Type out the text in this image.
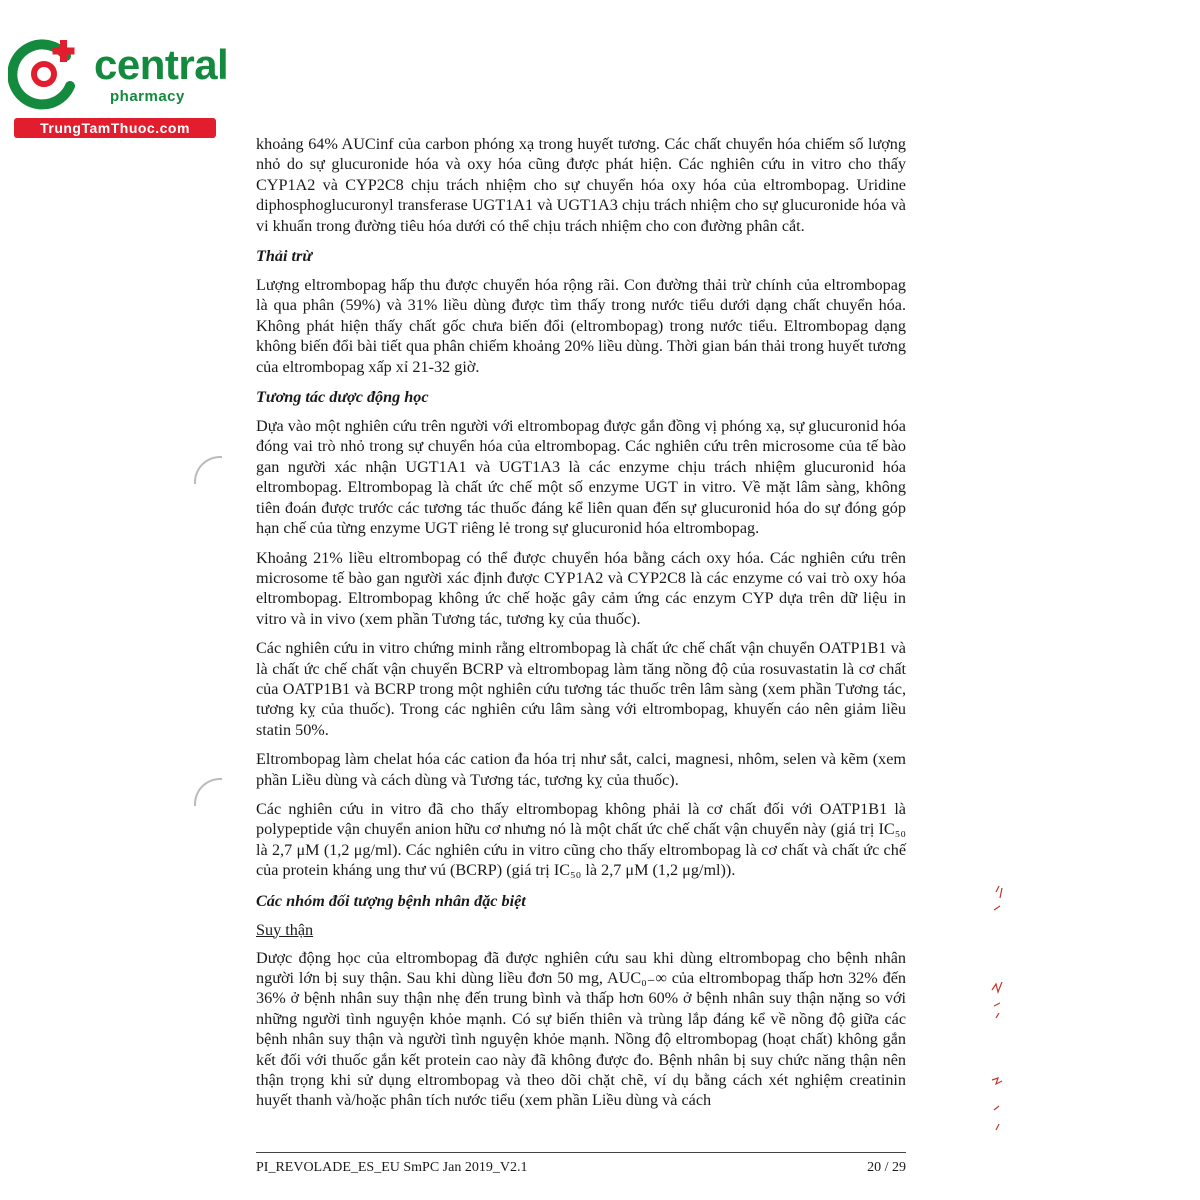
central
pharmacy
TrungTamThuoc.com

khoảng 64% AUCinf của carbon phóng xạ trong huyết tương. Các chất chuyển hóa chiếm số lượng nhỏ do sự glucuronide hóa và oxy hóa cũng được phát hiện. Các nghiên cứu in vitro cho thấy CYP1A2 và CYP2C8 chịu trách nhiệm cho sự chuyển hóa oxy hóa của eltrombopag. Uridine diphosphoglucuronyl transferase UGT1A1 và UGT1A3 chịu trách nhiệm cho sự glucuronide hóa và vi khuẩn trong đường tiêu hóa dưới có thể chịu trách nhiệm cho con đường phân cắt.

Thải trừ

Lượng eltrombopag hấp thu được chuyển hóa rộng rãi. Con đường thải trừ chính của eltrombopag là qua phân (59%) và 31% liều dùng được tìm thấy trong nước tiểu dưới dạng chất chuyển hóa. Không phát hiện thấy chất gốc chưa biến đổi (eltrombopag) trong nước tiểu. Eltrombopag dạng không biến đổi bài tiết qua phân chiếm khoảng 20% liều dùng. Thời gian bán thải trong huyết tương của eltrombopag xấp xỉ 21-32 giờ.

Tương tác dược động học

Dựa vào một nghiên cứu trên người với eltrombopag được gắn đồng vị phóng xạ, sự glucuronid hóa đóng vai trò nhỏ trong sự chuyển hóa của eltrombopag. Các nghiên cứu trên microsome của tế bào gan người xác nhận UGT1A1 và UGT1A3 là các enzyme chịu trách nhiệm glucuronid hóa eltrombopag. Eltrombopag là chất ức chế một số enzyme UGT in vitro. Về mặt lâm sàng, không tiên đoán được trước các tương tác thuốc đáng kể liên quan đến sự glucuronid hóa do sự đóng góp hạn chế của từng enzyme UGT riêng lẻ trong sự glucuronid hóa eltrombopag.

Khoảng 21% liều eltrombopag có thể được chuyển hóa bằng cách oxy hóa. Các nghiên cứu trên microsome tế bào gan người xác định được CYP1A2 và CYP2C8 là các enzyme có vai trò oxy hóa eltrombopag. Eltrombopag không ức chế hoặc gây cảm ứng các enzym CYP dựa trên dữ liệu in vitro và in vivo (xem phần Tương tác, tương kỵ của thuốc).

Các nghiên cứu in vitro chứng minh rằng eltrombopag là chất ức chế chất vận chuyển OATP1B1 và là chất ức chế chất vận chuyển BCRP và eltrombopag làm tăng nồng độ của rosuvastatin là cơ chất của OATP1B1 và BCRP trong một nghiên cứu tương tác thuốc trên lâm sàng (xem phần Tương tác, tương kỵ của thuốc). Trong các nghiên cứu lâm sàng với eltrombopag, khuyến cáo nên giảm liều statin 50%.

Eltrombopag làm chelat hóa các cation đa hóa trị như sắt, calci, magnesi, nhôm, selen và kẽm (xem phần Liều dùng và cách dùng và Tương tác, tương kỵ của thuốc).

Các nghiên cứu in vitro đã cho thấy eltrombopag không phải là cơ chất đối với OATP1B1 là polypeptide vận chuyển anion hữu cơ nhưng nó là một chất ức chế chất vận chuyển này (giá trị IC₅₀ là 2,7 μM (1,2 μg/ml). Các nghiên cứu in vitro cũng cho thấy eltrombopag là cơ chất và chất ức chế của protein kháng ung thư vú (BCRP) (giá trị IC₅₀ là 2,7 μM (1,2 μg/ml)).

Các nhóm đối tượng bệnh nhân đặc biệt
Suy thận

Dược động học của eltrombopag đã được nghiên cứu sau khi dùng eltrombopag cho bệnh nhân người lớn bị suy thận. Sau khi dùng liều đơn 50 mg, AUC₀₋∞ của eltrombopag thấp hơn 32% đến 36% ở bệnh nhân suy thận nhẹ đến trung bình và thấp hơn 60% ở bệnh nhân suy thận nặng so với những người tình nguyện khỏe mạnh. Có sự biến thiên và trùng lắp đáng kể về nồng độ giữa các bệnh nhân suy thận và người tình nguyện khỏe mạnh. Nồng độ eltrombopag (hoạt chất) không gắn kết đối với thuốc gắn kết protein cao này đã không được đo. Bệnh nhân bị suy chức năng thận nên thận trọng khi sử dụng eltrombopag và theo dõi chặt chẽ, ví dụ bằng cách xét nghiệm creatinin huyết thanh và/hoặc phân tích nước tiểu (xem phần Liều dùng và cách

PI_REVOLADE_ES_EU SmPC Jan 2019_V2.1	20 / 29
